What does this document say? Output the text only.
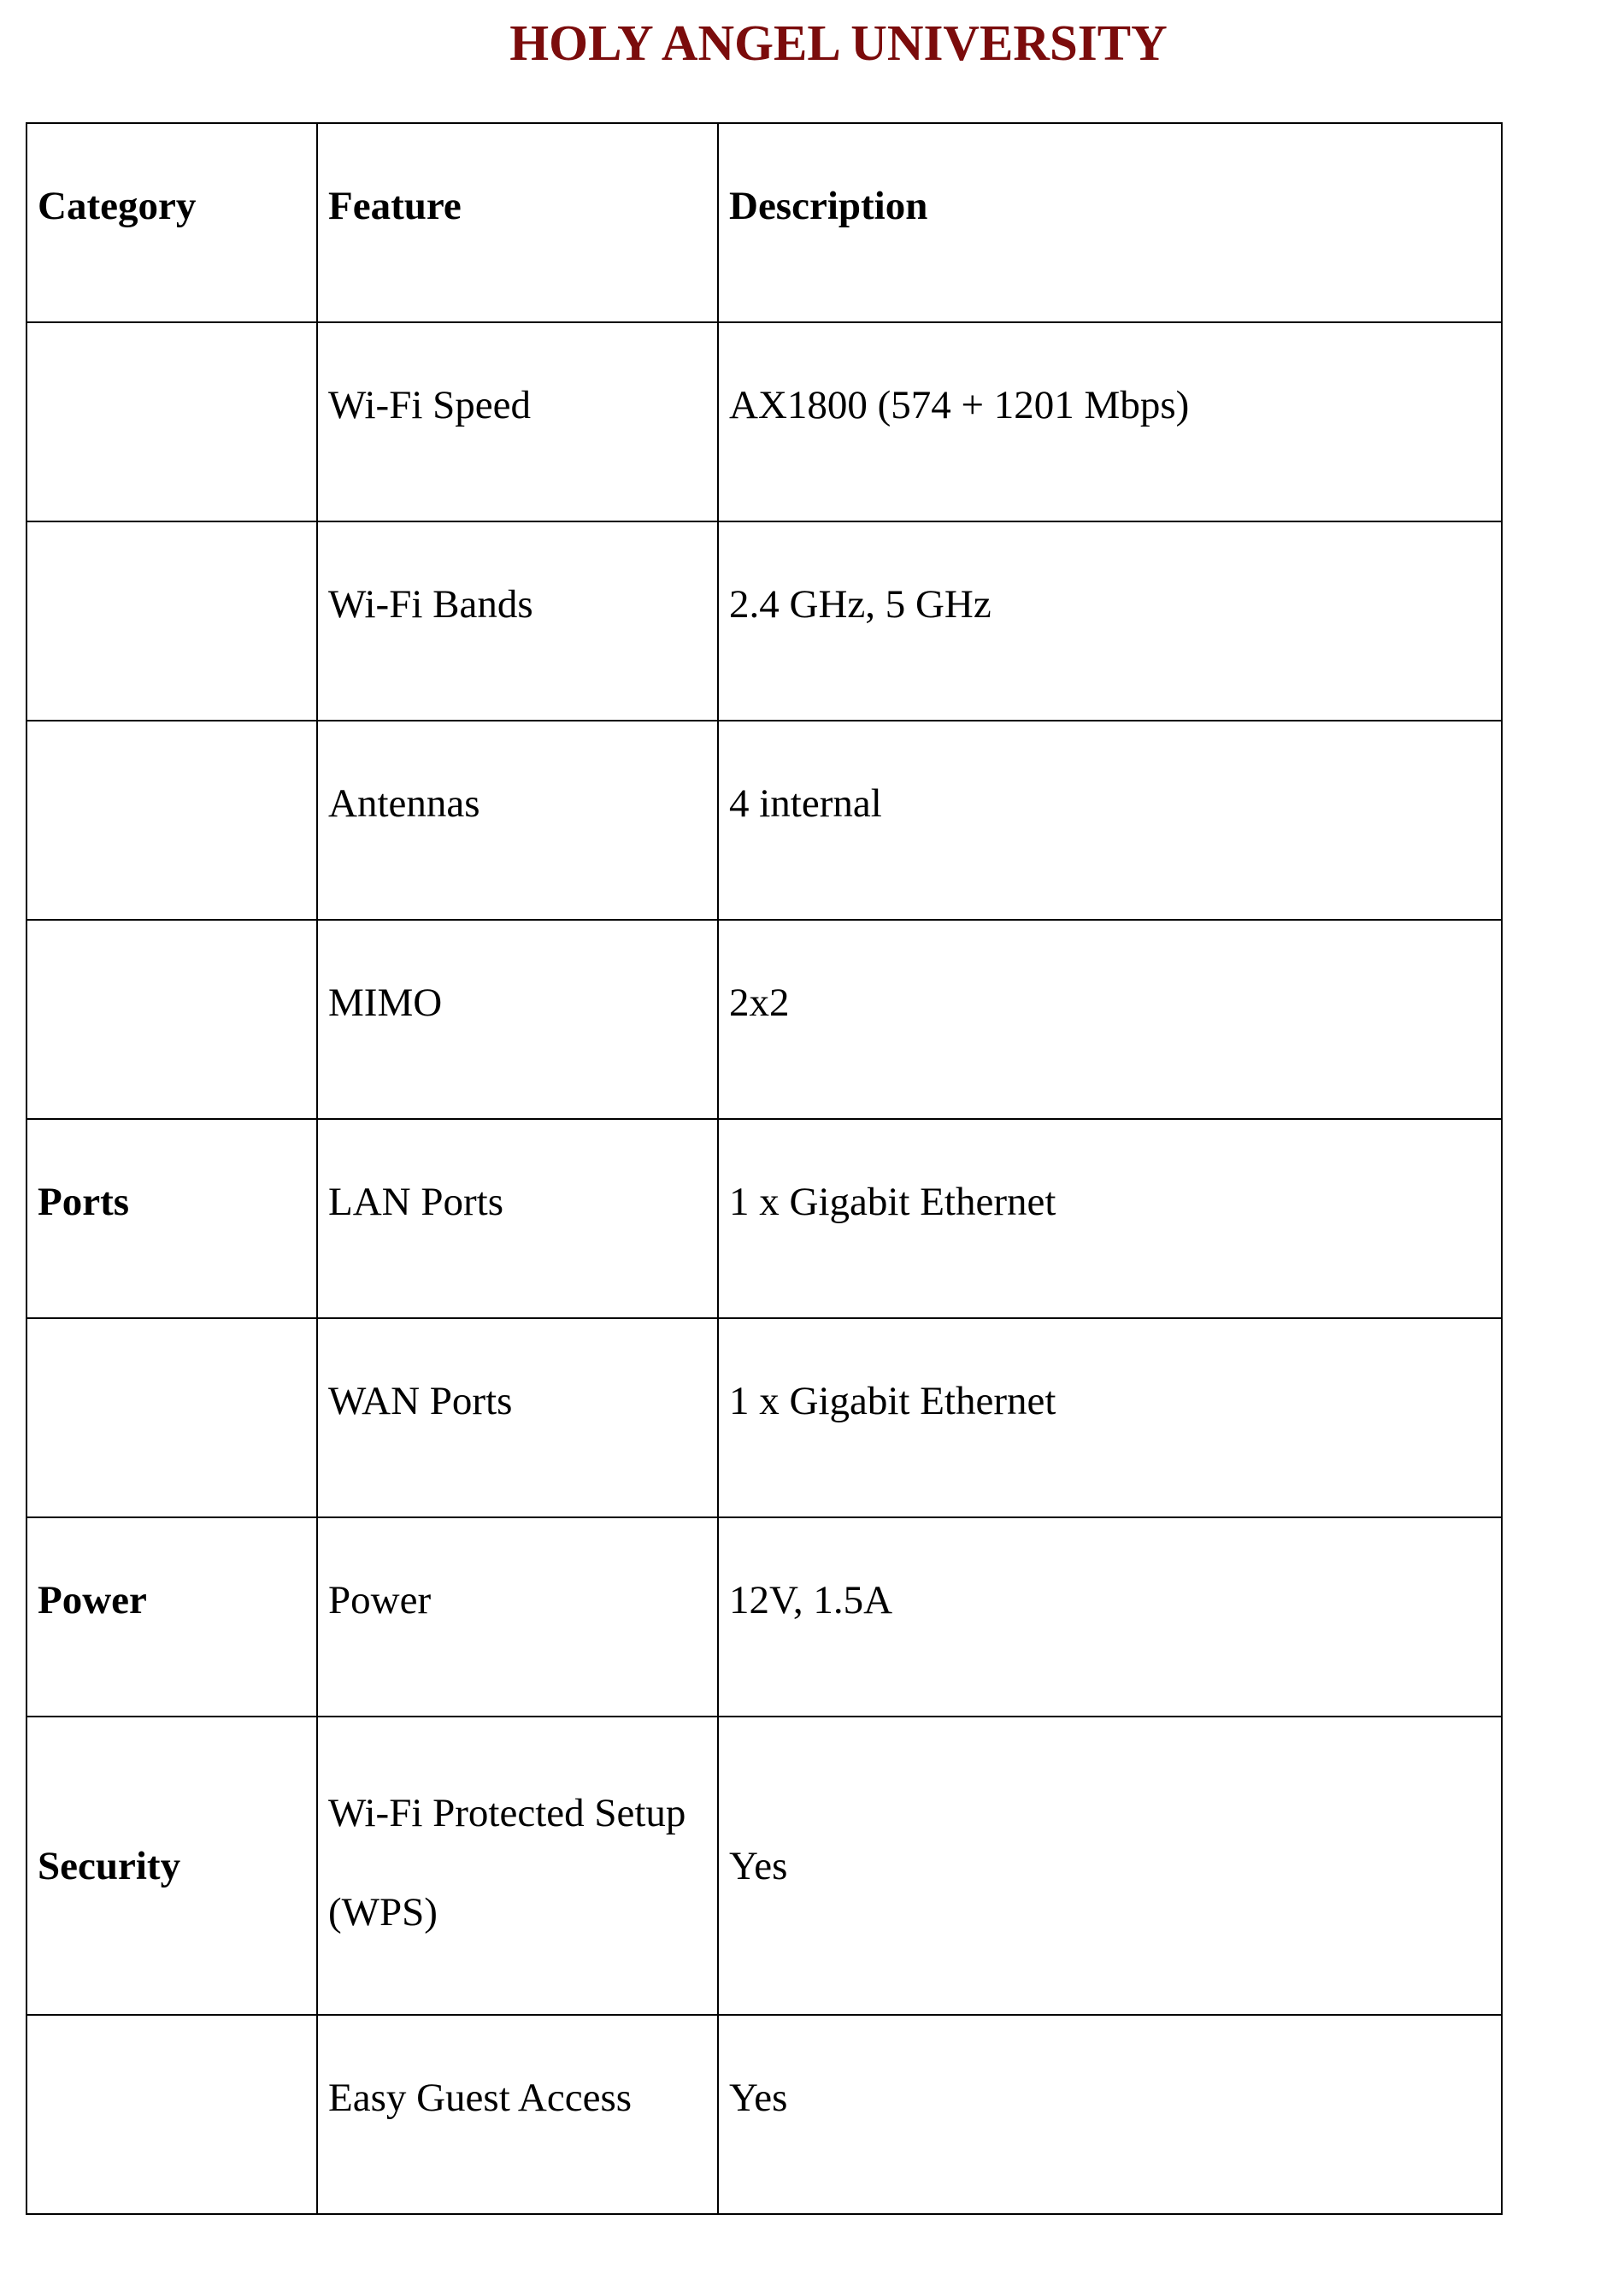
HOLY ANGEL UNIVERSITY
Category	Feature	Description

	Wi-Fi Speed	AX1800 (574 + 1201 Mbps)

	Wi-Fi Bands	2.4 GHz, 5 GHz

	Antennas	4 internal

	MIMO	2x2

Ports	LAN Ports	1 x Gigabit Ethernet

	WAN Ports	1 x Gigabit Ethernet

Power	Power	12V, 1.5A

Security	Wi-Fi Protected Setup (WPS)	Yes

	Easy Guest Access	Yes
